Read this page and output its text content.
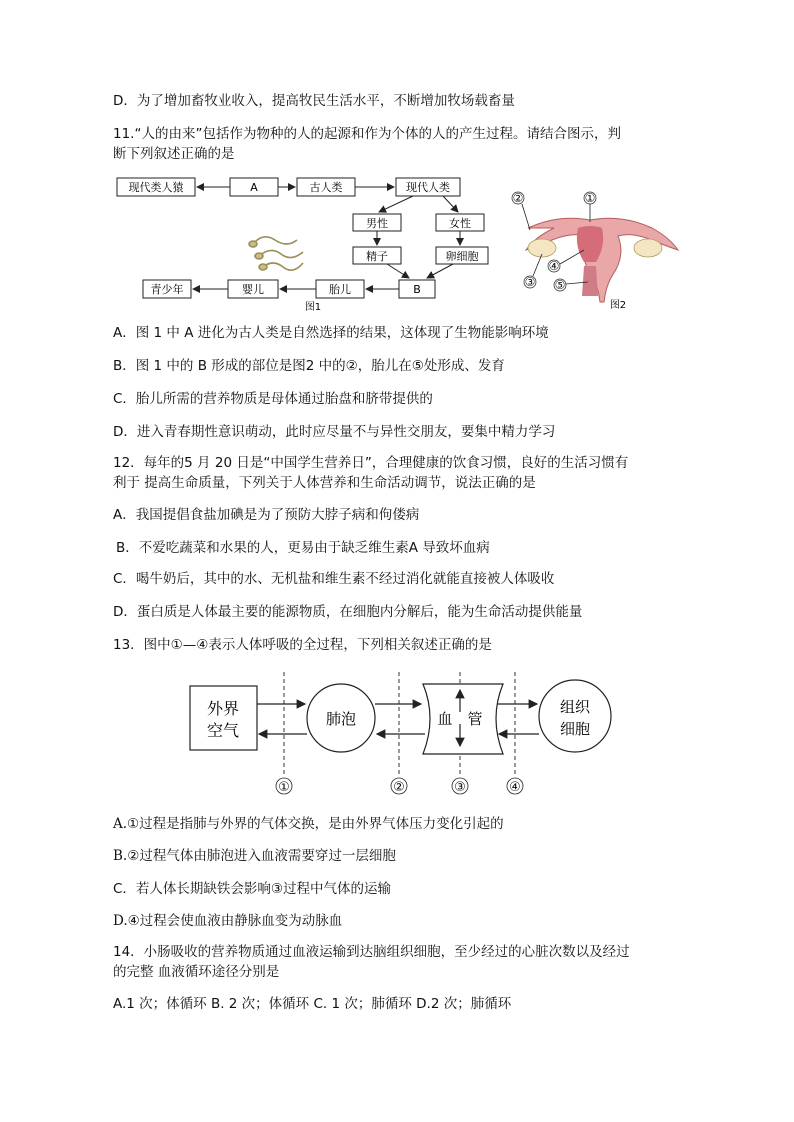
D．为了增加畜牧业收入，提高牧民生活水平，不断增加牧场载畜量
11.“人的由来”包括作为物种的人的起源和作为个体的人的产生过程。请结合图示，判
断下列叙述正确的是
现代类人猿	A	古人类	现代人类
男性	女性
精子	卵细胞
B
胎儿
婴儿
青少年
图1
①
②
③
④
⑤
图2
A．图 1 中 A 进化为古人类是自然选择的结果，这体现了生物能影响环境
B．图 1 中的 B 形成的部位是图2 中的②，胎儿在⑤处形成、发育
C．胎儿所需的营养物质是母体通过胎盘和脐带提供的
D．进入青春期性意识萌动，此时应尽量不与异性交朋友，要集中精力学习
12．每年的5 月 20 日是“中国学生营养日”，合理健康的饮食习惯，良好的生活习惯有
利于 提高生命质量，下列关于人体营养和生命活动调节，说法正确的是
A．我国提倡食盐加碘是为了预防大脖子病和佝偻病
B．不爱吃蔬菜和水果的人，更易由于缺乏维生素A 导致坏血病
C．喝牛奶后，其中的水、无机盐和维生素不经过消化就能直接被人体吸收
D．蛋白质是人体最主要的能源物质，在细胞内分解后，能为生命活动提供能量
13．图中①—④表示人体呼吸的全过程，下列相关叙述正确的是
外界
空气
肺泡	血 管
组织
细胞
①	②	③	④
A.①过程是指肺与外界的气体交换，是由外界气体压力变化引起的
B.②过程气体由肺泡进入血液需要穿过一层细胞
C．若人体长期缺铁会影响③过程中气体的运输
D.④过程会使血液由静脉血变为动脉血
14．小肠吸收的营养物质通过血液运输到达脑组织细胞，至少经过的心脏次数以及经过
的完整 血液循环途径分别是
A.1 次；体循环 B. 2 次；体循环 C. 1 次；肺循环 D.2 次；肺循环
